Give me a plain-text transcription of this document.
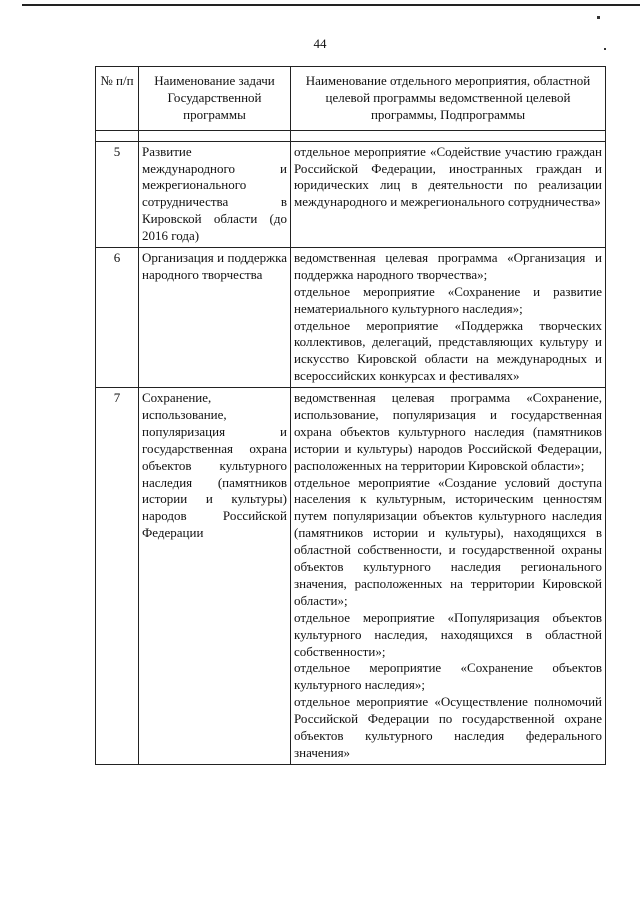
44
№ п/п	Наименование задачи Государственной программы	Наименование отдельного мероприятия, областной целевой программы ведомственной целевой программы, Подпрограммы

5	Развитие международного и межрегионального сотрудничества в Кировской области (до 2016 года)	отдельное мероприятие «Содействие участию граждан Российской Федерации, иностранных граждан и юридических лиц в деятельности по реализации международного и межрегионального сотрудничества»

6	Организация и поддержка народного творчества	ведомственная целевая программа «Организация и поддержка народного творчества»;
отдельное мероприятие «Сохранение и развитие нематериального культурного наследия»;
отдельное мероприятие «Поддержка творческих коллективов, делегаций, представляющих культуру и искусство Кировской области на международных и всероссийских конкурсах и фестивалях»

7	Сохранение, использование, популяризация и государственная охрана объектов культурного наследия (памятников истории и культуры) народов Российской Федерации	ведомственная целевая программа «Сохранение, использование, популяризация и государственная охрана объектов культурного наследия (памятников истории и культуры) народов Российской Федерации, расположенных на территории Кировской области»;
отдельное мероприятие «Создание условий доступа населения к культурным, историческим ценностям путем популяризации объектов культурного наследия (памятников истории и культуры), находящихся в областной собственности, и государственной охраны объектов культурного наследия регионального значения, расположенных на территории Кировской области»;
отдельное мероприятие «Популяризация объектов культурного наследия, находящихся в областной собственности»;
отдельное мероприятие «Сохранение объектов культурного наследия»;
отдельное мероприятие «Осуществление полномочий Российской Федерации по государственной охране объектов культурного наследия федерального значения»
